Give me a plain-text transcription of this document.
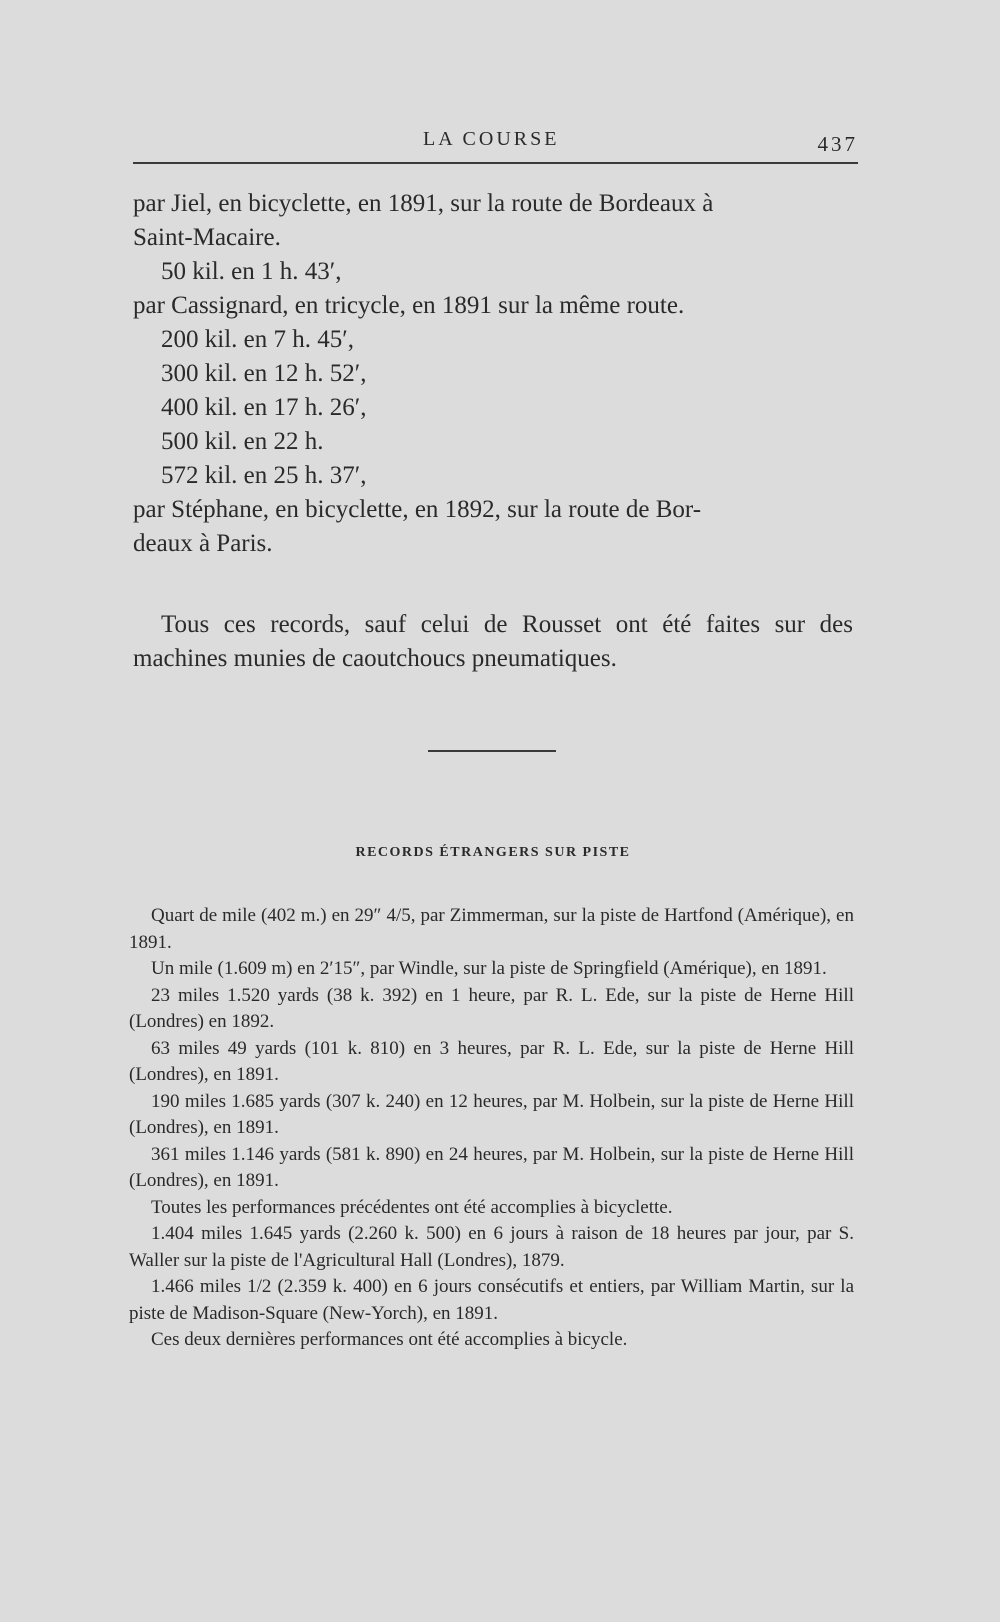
LA COURSE	437

par Jiel, en bicyclette, en 1891, sur la route de Bordeaux à

Saint-Macaire.

50 kil. en 1 h. 43′,

par Cassignard, en tricycle, en 1891 sur la même route.

200 kil. en 7 h. 45′,

300 kil. en 12 h. 52′,

400 kil. en 17 h. 26′,

500 kil. en 22 h.

572 kil. en 25 h. 37′,

par Stéphane, en bicyclette, en 1892, sur la route de Bor-

deaux à Paris.

Tous ces records, sauf celui de Rousset ont été faites sur des machines munies de caoutchoucs pneumatiques.

RECORDS ÉTRANGERS SUR PISTE

Quart de mile (402 m.) en 29″ 4/5, par Zimmerman, sur la piste de Hartfond (Amérique), en 1891.

Un mile (1.609 m) en 2′15″, par Windle, sur la piste de Springfield (Amérique), en 1891.

23 miles 1.520 yards (38 k. 392) en 1 heure, par R. L. Ede, sur la piste de Herne Hill (Londres) en 1892.

63 miles 49 yards (101 k. 810) en 3 heures, par R. L. Ede, sur la piste de Herne Hill (Londres), en 1891.

190 miles 1.685 yards (307 k. 240) en 12 heures, par M. Holbein, sur la piste de Herne Hill (Londres), en 1891.

361 miles 1.146 yards (581 k. 890) en 24 heures, par M. Holbein, sur la piste de Herne Hill (Londres), en 1891.

Toutes les performances précédentes ont été accomplies à bicyclette.

1.404 miles 1.645 yards (2.260 k. 500) en 6 jours à raison de 18 heures par jour, par S. Waller sur la piste de l'Agricultural Hall (Londres), 1879.

1.466 miles 1/2 (2.359 k. 400) en 6 jours consécutifs et entiers, par William Martin, sur la piste de Madison-Square (New-Yorch), en 1891.

Ces deux dernières performances ont été accomplies à bicycle.
